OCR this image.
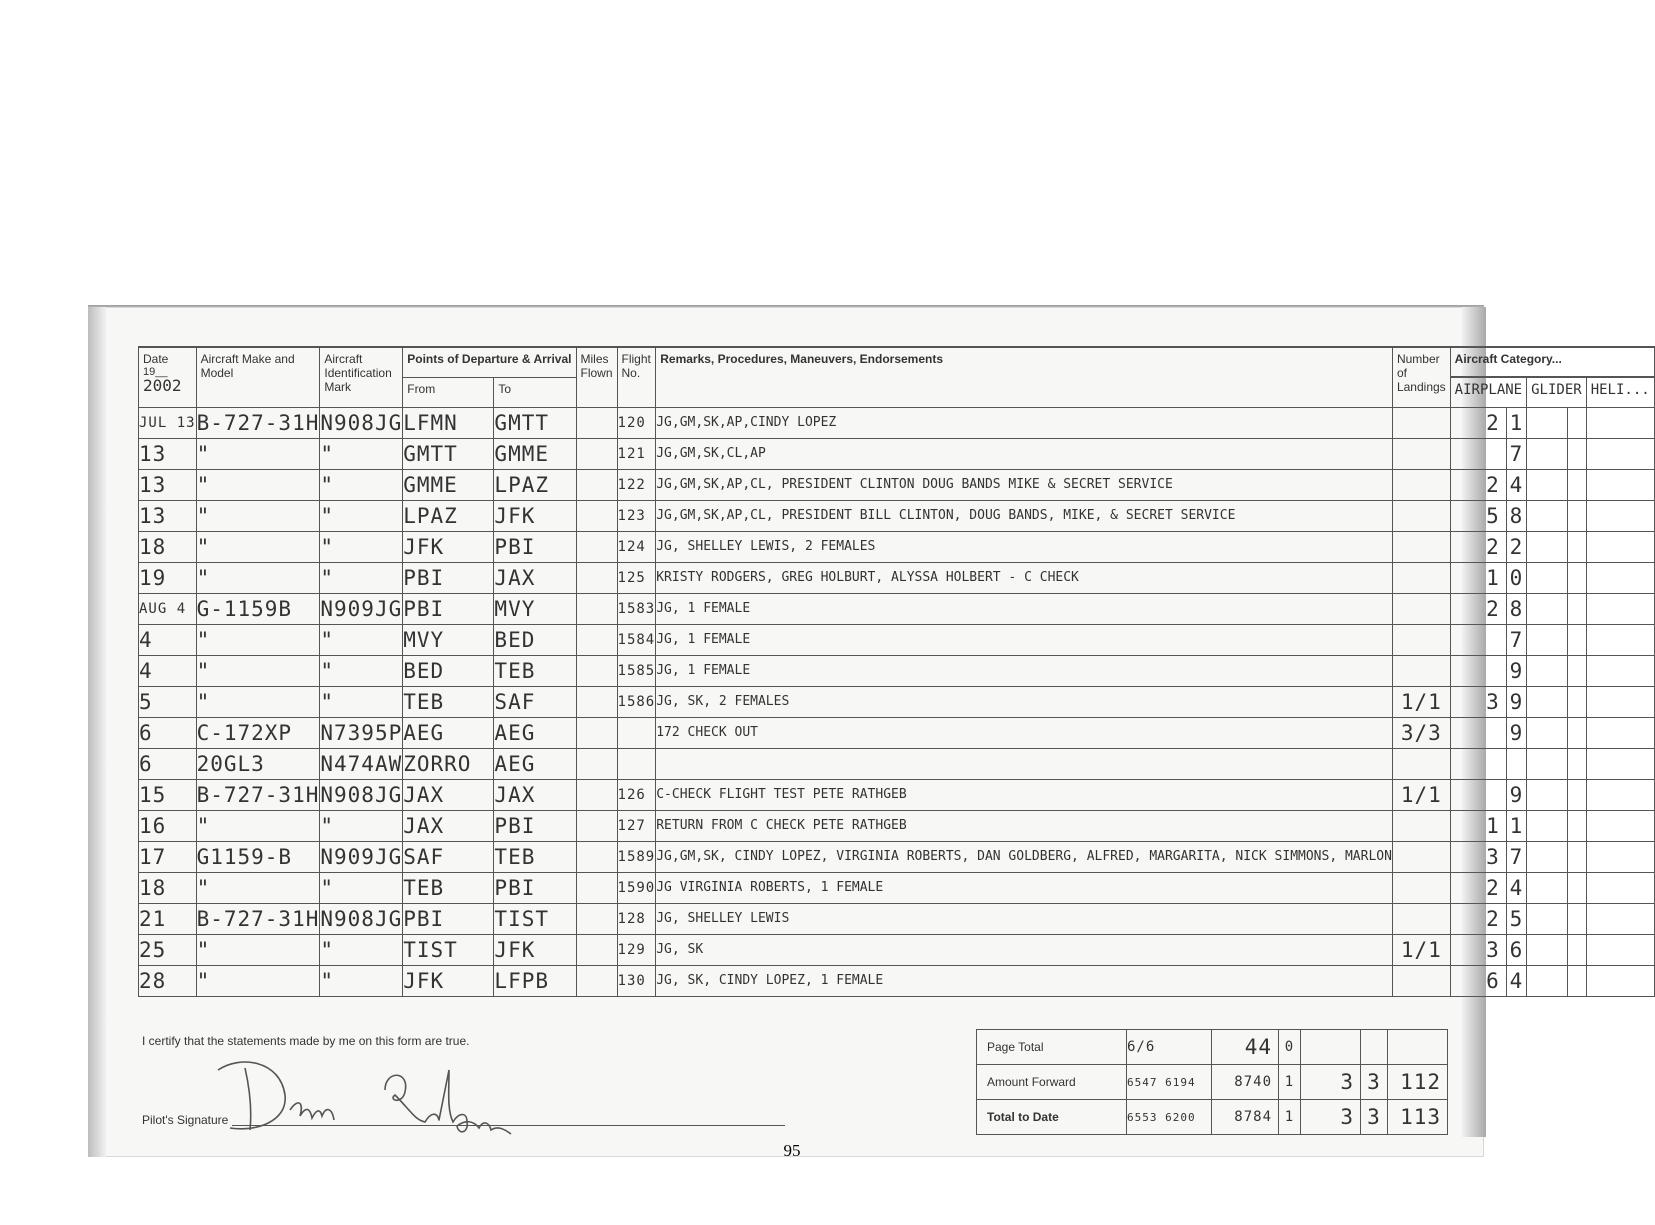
Date
19__
2002	Aircraft Make and Model	Aircraft Identification Mark	Points of Departure & Arrival		Miles Flown	Flight No.	Remarks, Procedures, Maneuvers, Endorsements	Number of Landings	Aircraft Category...				
			From	To					AIRPLANE		GLIDER		HELI...
JUL 13	B-727-31H	N908JG	LFMN	GMTT		120	JG,GM,SK,AP,CINDY LOPEZ		2	1			
13	"	"	GMTT	GMME		121	JG,GM,SK,CL,AP			7			
13	"	"	GMME	LPAZ		122	JG,GM,SK,AP,CL, PRESIDENT CLINTON DOUG BANDS MIKE & SECRET SERVICE		2	4			
13	"	"	LPAZ	JFK		123	JG,GM,SK,AP,CL, PRESIDENT BILL CLINTON, DOUG BANDS, MIKE, & SECRET SERVICE		5	8			
18	"	"	JFK	PBI		124	JG, SHELLEY LEWIS, 2 FEMALES		2	2			
19	"	"	PBI	JAX		125	KRISTY RODGERS, GREG HOLBURT, ALYSSA HOLBERT - C CHECK		1	0			
AUG 4	G-1159B	N909JG	PBI	MVY		1583	JG, 1 FEMALE		2	8			
4	"	"	MVY	BED		1584	JG, 1 FEMALE			7			
4	"	"	BED	TEB		1585	JG, 1 FEMALE			9			
5	"	"	TEB	SAF		1586	JG, SK, 2 FEMALES	1/1	3	9			
6	C-172XP	N7395P	AEG	AEG			172 CHECK OUT	3/3		9			
6	20GL3	N474AW	ZORRO	AEG									
15	B-727-31H	N908JG	JAX	JAX		126	C-CHECK FLIGHT TEST PETE RATHGEB	1/1		9			
16	"	"	JAX	PBI		127	RETURN FROM C CHECK PETE RATHGEB		1	1			
17	G1159-B	N909JG	SAF	TEB		1589	JG,GM,SK, CINDY LOPEZ, VIRGINIA ROBERTS, DAN GOLDBERG, ALFRED, MARGARITA, NICK SIMMONS, MARLON		3	7			
18	"	"	TEB	PBI		1590	JG VIRGINIA ROBERTS, 1 FEMALE		2	4			
21	B-727-31H	N908JG	PBI	TIST		128	JG, SHELLEY LEWIS		2	5			
25	"	"	TIST	JFK		129	JG, SK	1/1	3	6			
28	"	"	JFK	LFPB		130	JG, SK, CINDY LOPEZ, 1 FEMALE		6	4			
I certify that the statements made by me on this form are true.
Pilot's Signature
Page Total	6/6	44	0			
Amount Forward	6547 6194	8740	1	3	3	112
Total to Date	6553 6200	8784	1	3	3	113
95
